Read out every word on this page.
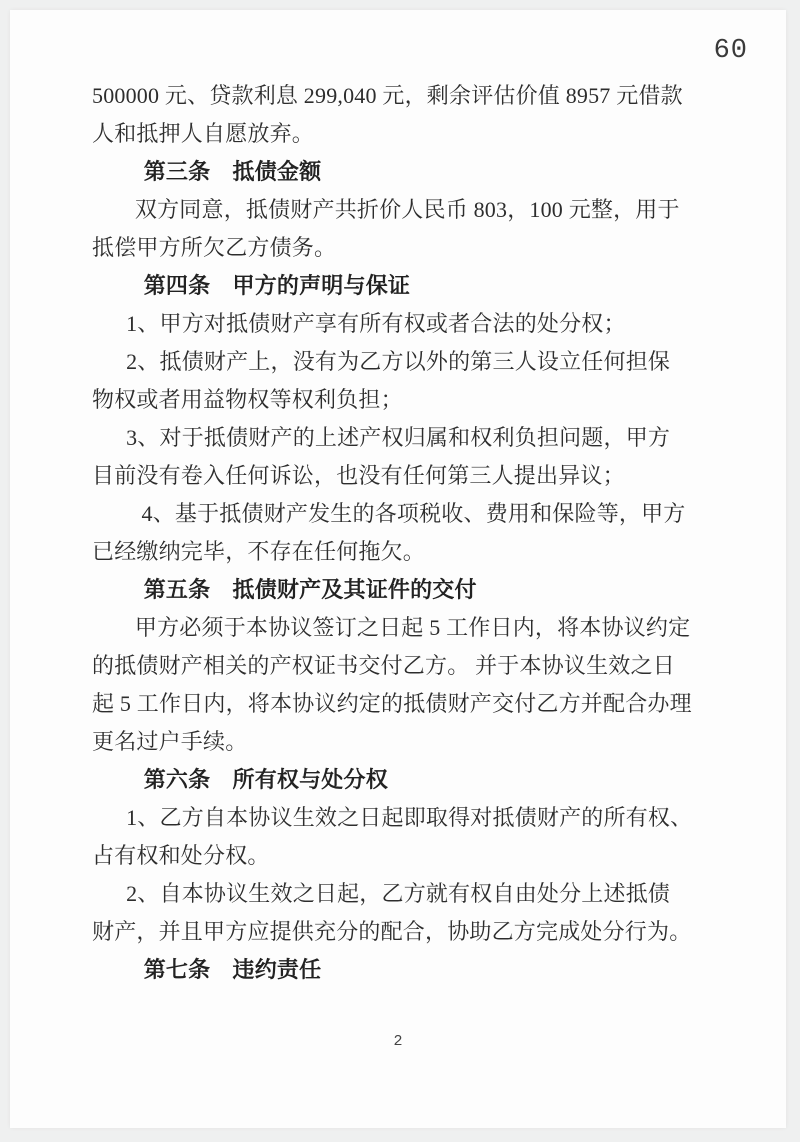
60
500000 元、贷款利息 299,040 元，剩余评估价值 8957 元借款
人和抵押人自愿放弃。
第三条　抵债金额
双方同意，抵债财产共折价人民币 803，100 元整，用于
抵偿甲方所欠乙方债务。
第四条　甲方的声明与保证
1、甲方对抵债财产享有所有权或者合法的处分权；
2、抵债财产上，没有为乙方以外的第三人设立任何担保
物权或者用益物权等权利负担；
3、对于抵债财产的上述产权归属和权利负担问题，甲方
目前没有卷入任何诉讼，也没有任何第三人提出异议；
4、基于抵债财产发生的各项税收、费用和保险等，甲方
已经缴纳完毕，不存在任何拖欠。
第五条　抵债财产及其证件的交付
甲方必须于本协议签订之日起 5 工作日内，将本协议约定
的抵债财产相关的产权证书交付乙方。 并于本协议生效之日
起 5 工作日内，将本协议约定的抵债财产交付乙方并配合办理
更名过户手续。
第六条　所有权与处分权
1、乙方自本协议生效之日起即取得对抵债财产的所有权、
占有权和处分权。
2、自本协议生效之日起，乙方就有权自由处分上述抵债
财产，并且甲方应提供充分的配合，协助乙方完成处分行为。
第七条　违约责任
2
